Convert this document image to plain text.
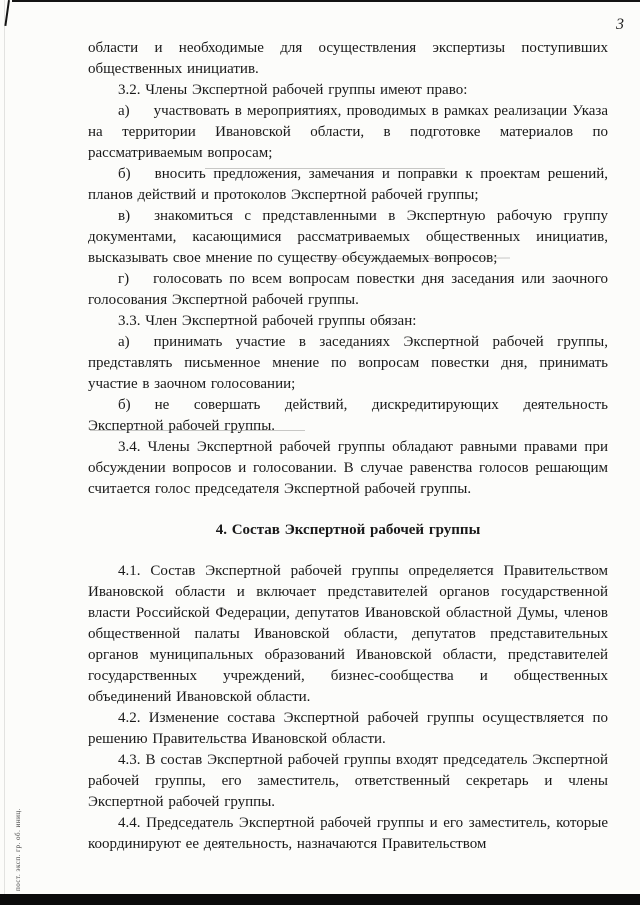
3

области и необходимые для осуществления экспертизы поступивших общественных инициатив.

3.2. Члены Экспертной рабочей группы имеют право:

а) участвовать в мероприятиях, проводимых в рамках реализации Указа на территории Ивановской области, в подготовке материалов по рассматриваемым вопросам;

б) вносить предложения, замечания и поправки к проектам решений, планов действий и протоколов Экспертной рабочей группы;

в) знакомиться с представленными в Экспертную рабочую группу документами, касающимися рассматриваемых общественных инициатив, высказывать свое мнение по существу обсуждаемых вопросов;

г) голосовать по всем вопросам повестки дня заседания или заочного голосования Экспертной рабочей группы.

3.3. Член Экспертной рабочей группы обязан:

а) принимать участие в заседаниях Экспертной рабочей группы, представлять письменное мнение по вопросам повестки дня, принимать участие в заочном голосовании;

б) не совершать действий, дискредитирующих деятельность Экспертной рабочей группы.

3.4. Члены Экспертной рабочей группы обладают равными правами при обсуждении вопросов и голосовании. В случае равенства голосов решающим считается голос председателя Экспертной рабочей группы.

4. Состав Экспертной рабочей группы

4.1. Состав Экспертной рабочей группы определяется Правительством Ивановской области и включает представителей органов государственной власти Российской Федерации, депутатов Ивановской областной Думы, членов общественной палаты Ивановской области, депутатов представительных органов муниципальных образований Ивановской области, представителей государственных учреждений, бизнес-сообщества и общественных объединений Ивановской области.

4.2. Изменение состава Экспертной рабочей группы осуществляется по решению Правительства Ивановской области.

4.3. В состав Экспертной рабочей группы входят председатель Экспертной рабочей группы, его заместитель, ответственный секретарь и члены Экспертной рабочей группы.

4.4. Председатель Экспертной рабочей группы и его заместитель, которые координируют ее деятельность, назначаются Правительством

пост. эксп. гр. об. иниц.
